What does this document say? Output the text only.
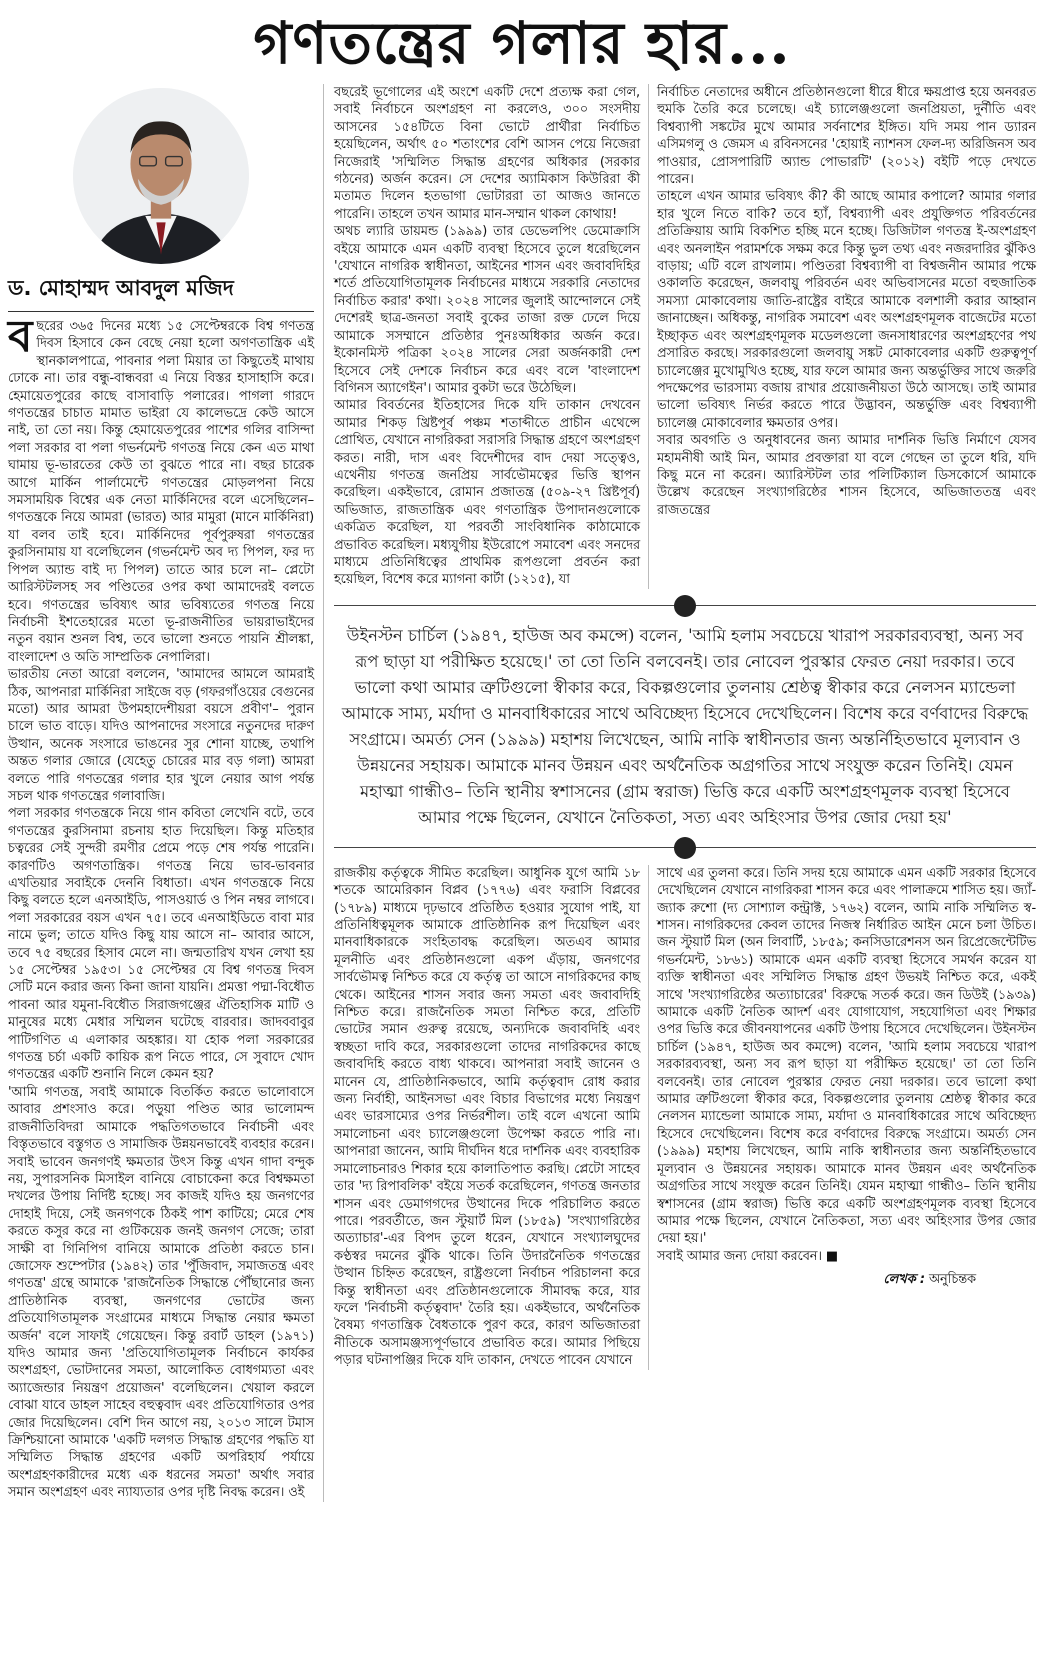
গণতন্ত্রের গলার হার...
ড. মোহাম্মদ আবদুল মজিদ
ব ছরের ৩৬৫ দিনের মধ্যে ১৫ সেপ্টেম্বরকে বিশ্ব গণতন্ত্র দিবস হিসাবে কেন বেছে নেয়া হলো অগণতান্ত্রিক এই স্থানকালপাত্রে, পাবনার পলা মিয়ার তা কিছুতেই মাথায় ঢোকে না। তার বন্ধু-বান্ধবরা এ নিয়ে বিস্তর হাসাহাসি করে। হেমায়েতপুরের কাছে বাসাবাড়ি পলারের। পাগলা গারদে গণতন্ত্রের চাচাত মামাত ভাইরা যে কালেভদ্রে কেউ আসে নাই, তা তো নয়। কিন্তু হেমায়েতপুরের পাশের গলির বাসিন্দা পলা সরকার বা পলা গভর্নমেন্ট গণতন্ত্র নিয়ে কেন এত মাথা ঘামায় ভূ-ভারতের কেউ তা বুঝতে পারে না। বছর চারেক আগে মার্কিন পার্লামেন্টে গণতন্ত্রের মোড়লপনা নিয়ে সমসাময়িক বিশ্বের এক নেতা মার্কিনিদের বলে এসেছিলেন– গণতন্ত্রকে নিয়ে আমরা (ভারত) আর মামুরা (মানে মার্কিনিরা) যা বলব তাই হবে। মার্কিনিদের পূর্বপুরুষরা গণতন্ত্রের কুরসিনামায় যা বলেছিলেন (গভর্নমেন্ট অব দ্য পিপল, ফর দ্য পিপল অ্যান্ড বাই দ্য পিপল) তাতে আর চলে না– প্লেটো আরিস্টটলসহ সব পণ্ডিতের ওপর কথা আমাদেরই বলতে হবে। গণতন্ত্রের ভবিষ্যৎ আর ভবিষ্যতের গণতন্ত্র নিয়ে নির্বাচনী ইশতেহারের মতো ভূ-রাজনীতির ভায়রাভাইদের নতুন বয়ান শুনল বিশ্ব, তবে ভালো শুনতে পায়নি শ্রীলঙ্কা, বাংলাদেশ ও অতি সাম্প্রতিক নেপালিরা।

ভারতীয় নেতা আরো বললেন, 'আমাদের আমলে আমরাই ঠিক, আপনারা মার্কিনিরা সাইজে বড় (গফরগাঁওয়ের বেগুনের মতো) আর আমরা উপমহাদেশীয়রা বয়সে প্রবীণ'– পুরান চালে ভাত বাড়ে। যদিও আপনাদের সংসারে নতুনদের দারুণ উত্থান, অনেক সংসারে ভাঙনের সুর শোনা যাচ্ছে, তথাপি অন্তত গলার জোরে (যেহেতু চোরের মার বড় গলা) আমরা বলতে পারি গণতন্ত্রের গলার হার খুলে নেয়ার আগ পর্যন্ত সচল থাক গণতন্ত্রের গলাবাজি।

পলা সরকার গণতন্ত্রকে নিয়ে গান কবিতা লেখেনি বটে, তবে গণতন্ত্রের কুরসিনামা রচনায় হাত দিয়েছিল। কিন্তু মতিহার চত্বরের সেই সুন্দরী রমণীর প্রেমে পড়ে শেষ পর্যন্ত পারেনি। কারণটিও অগণতান্ত্রিক। গণতন্ত্র নিয়ে ভাব-ভাবনার এখতিয়ার সবাইকে দেননি বিধাতা। এখন গণতন্ত্রকে নিয়ে কিছু বলতে হলে এনআইডি, পাসওয়ার্ড ও পিন নম্বর লাগবে। পলা সরকারের বয়স এখন ৭৫। তবে এনআইডিতে বাবা মার নামে ভুল; তাতে যদিও কিছু যায় আসে না– আবার আসে, তবে ৭৫ বছরের হিসাব মেলে না। জন্মতারিখ যখন লেখা হয় ১৫ সেপ্টেম্বর ১৯৫৩। ১৫ সেপ্টেম্বর যে বিশ্ব গণতন্ত্র দিবস সেটি মনে করার জন্য কিনা জানা যায়নি। প্রমত্তা পদ্মা-বিধৌত পাবনা আর যমুনা-বিধৌত সিরাজগঞ্জের ঐতিহাসিক মাটি ও মানুষের মধ্যে মেধার সম্মিলন ঘটেছে বারবার। জাদববাবুর পাটিগণিত এ এলাকার অহঙ্কার। যা হোক পলা সরকারের গণতন্ত্র চর্চা একটি কায়িক রূপ নিতে পারে, সে সুবাদে খোদ গণতন্ত্রের একটি শুনানি নিলে কেমন হয়?

'আমি গণতন্ত্র, সবাই আমাকে বিতর্কিত করতে ভালোবাসে আবার প্রশংসাও করে। পড়ুয়া পণ্ডিত আর ভালোমন্দ রাজনীতিবিদরা আমাকে পদ্ধতিগতভাবে নির্বাচনী এবং বিস্তৃতভাবে বস্তুগত ও সামাজিক উন্নয়নভাবেই ব্যবহার করেন। সবাই ভাবেন জনগণই ক্ষমতার উৎস কিন্তু এখন গাদা বন্দুক নয়, সুপারসনিক মিসাইল বানিয়ে বোচাকেনা করে বিশ্বক্ষমতা দখলের উপায় নির্দিষ্ট হচ্ছে। সব কাজই যদিও হয় জনগণের দোহাই দিয়ে, সেই জনগণকে ঠিকই পাশ কাটিয়ে; মেরে শেষ করতে কসুর করে না গুটিকয়েক জনই জনগণ সেজে; তারা সাক্ষী বা গিনিপিগ বানিয়ে আমাকে প্রতিষ্ঠা করতে চান। জোসেফ শুম্পেটার (১৯৪২) তার 'পুঁজিবাদ, সমাজতন্ত্র এবং গণতন্ত্র' গ্রন্থে আমাকে 'রাজনৈতিক সিদ্ধান্তে পৌঁছানোর জন্য প্রাতিষ্ঠানিক ব্যবস্থা, জনগণের ভোটের জন্য প্রতিযোগিতামূলক সংগ্রামের মাধ্যমে সিদ্ধান্ত নেয়ার ক্ষমতা অর্জন' বলে সাফাই গেয়েছেন। কিন্তু রবার্ট ডাহল (১৯৭১) যদিও আমার জন্য 'প্রতিযোগিতামূলক নির্বাচনে কার্যকর অংশগ্রহণ, ভোটদানের সমতা, আলোকিত বোধগম্যতা এবং অ্যাজেন্ডার নিয়ন্ত্রণ প্রয়োজন' বলেছিলেন। খেয়াল করলে বোঝা যাবে ডাহল সাহেব বহুত্ববাদ এবং প্রতিযোগিতার ওপর জোর দিয়েছিলেন। বেশি দিন আগে নয়, ২০১৩ সালে টমাস ক্রিশ্চিয়ানো আমাকে 'একটি দলগত সিদ্ধান্ত গ্রহণের পদ্ধতি যা সম্মিলিত সিদ্ধান্ত গ্রহণের একটি অপরিহার্য পর্যায়ে অংশগ্রহণকারীদের মধ্যে এক ধরনের সমতা' অর্থাৎ সবার সমান অংশগ্রহণ এবং ন্যায্যতার ওপর দৃষ্টি নিবদ্ধ করেন। ওই

বছরেই ভূগোলের এই অংশে একটি দেশে প্রত্যক্ষ করা গেল, সবাই নির্বাচনে অংশগ্রহণ না করলেও, ৩০০ সংসদীয় আসনের ১৫৪টিতে বিনা ভোটে প্রার্থীরা নির্বাচিত হয়েছিলেন, অর্থাৎ ৫০ শতাংশের বেশি আসন পেয়ে নিজেরা নিজেরাই 'সম্মিলিত সিদ্ধান্ত গ্রহণের অধিকার (সরকার গঠনের) অর্জন করেন। সে দেশের অ্যামিকাস কিউরিরা কী মতামত দিলেন হতভাগা ভোটাররা তা আজও জানতে পারেনি। তাহলে তখন আমার মান-সম্মান থাকল কোথায়!

অথচ ল্যারি ডায়মন্ড (১৯৯৯) তার ডেভেলপিং ডেমোক্রাসি বইয়ে আমাকে এমন একটি ব্যবস্থা হিসেবে তুলে ধরেছিলেন 'যেখানে নাগরিক স্বাধীনতা, আইনের শাসন এবং জবাবদিহির শর্তে প্রতিযোগিতামূলক নির্বাচনের মাধ্যমে সরকারি নেতাদের নির্বাচিত করার' কথা। ২০২৪ সালের জুলাই আন্দোলনে সেই দেশেরই ছাত্র-জনতা সবাই বুকের তাজা রক্ত ঢেলে দিয়ে আমাকে সসম্মানে প্রতিষ্ঠার পুনঃঅধিকার অর্জন করে। ইকোনমিস্ট পত্রিকা ২০২৪ সালের সেরা অর্জনকারী দেশ হিসেবে সেই দেশকে নির্বাচন করে এবং বলে 'বাংলাদেশ বিগিনস অ্যাগেইন'। আমার বুকটা ভরে উঠেছিল।

আমার বিবর্তনের ইতিহাসের দিকে যদি তাকান দেখবেন আমার শিকড় খ্রিষ্টপূর্ব পঞ্চম শতাব্দীতে প্রাচীন এথেন্সে প্রোথিত, যেখানে নাগরিকরা সরাসরি সিদ্ধান্ত গ্রহণে অংশগ্রহণ করত। নারী, দাস এবং বিদেশীদের বাদ দেয়া সত্ত্বেও, এথেনীয় গণতন্ত্র জনপ্রিয় সার্বভৌমত্বের ভিত্তি স্থাপন করেছিল। একইভাবে, রোমান প্রজাতন্ত্র (৫০৯-২৭ খ্রিষ্টপূর্ব) অভিজাত, রাজতান্ত্রিক এবং গণতান্ত্রিক উপাদানগুলোকে একত্রিত করেছিল, যা পরবর্তী সাংবিধানিক কাঠামোকে প্রভাবিত করেছিল। মধ্যযুগীয় ইউরোপে সমাবেশ এবং সনদের মাধ্যমে প্রতিনিধিত্বের প্রাথমিক রূপগুলো প্রবর্তন করা হয়েছিল, বিশেষ করে ম্যাগনা কার্টা (১২১৫), যা

নির্বাচিত নেতাদের অধীনে প্রতিষ্ঠানগুলো ধীরে ধীরে ক্ষয়প্রাপ্ত হয়ে অনবরত হুমকি তৈরি করে চলেছে। এই চ্যালেঞ্জগুলো জনপ্রিয়তা, দুর্নীতি এবং বিশ্বব্যাপী সঙ্কটের মুখে আমার সর্বনাশের ইঙ্গিত। যদি সময় পান ড্যারন এসিমগলু ও জেমস এ রবিনসনের 'হোয়াই ন্যাশনস ফেল-দ্য অরিজিনস অব পাওয়ার, প্রোসপারিটি অ্যান্ড পোভারটি' (২০১২) বইটি পড়ে দেখতে পারেন।

তাহলে এখন আমার ভবিষ্যৎ কী? কী আছে আমার কপালে? আমার গলার হার খুলে নিতে বাকি? তবে হ্যাঁ, বিশ্বব্যাপী এবং প্রযুক্তিগত পরিবর্তনের প্রতিক্রিয়ায় আমি বিকশিত হচ্ছি মনে হচ্ছে। ডিজিটাল গণতন্ত্র ই-অংশগ্রহণ এবং অনলাইন পরামর্শকে সক্ষম করে কিন্তু ভুল তথ্য এবং নজরদারির ঝুঁকিও বাড়ায়; এটি বলে রাখলাম। পণ্ডিতরা বিশ্বব্যাপী বা বিশ্বজনীন আমার পক্ষে ওকালতি করেছেন, জলবায়ু পরিবর্তন এবং অভিবাসনের মতো বহুজাতিক সমস্যা মোকাবেলায় জাতি-রাষ্ট্রের বাইরে আমাকে বলশালী করার আহ্বান জানাচ্ছেন। অধিকন্তু, নাগরিক সমাবেশ এবং অংশগ্রহণমূলক বাজেটের মতো ইচ্ছাকৃত এবং অংশগ্রহণমূলক মডেলগুলো জনসাধারণের অংশগ্রহণের পথ প্রসারিত করছে। সরকারগুলো জলবায়ু সঙ্কট মোকাবেলার একটি গুরুত্বপূর্ণ চ্যালেঞ্জের মুখোমুখিও হচ্ছে, যার ফলে আমার জন্য অন্তর্ভুক্তির সাথে জরুরি পদক্ষেপের ভারসাম্য বজায় রাখার প্রয়োজনীয়তা উঠে আসছে। তাই আমার ভালো ভবিষ্যৎ নির্ভর করতে পারে উদ্ভাবন, অন্তর্ভুক্তি এবং বিশ্বব্যাপী চ্যালেঞ্জ মোকাবেলার ক্ষমতার ওপর।

সবার অবগতি ও অনুধাবনের জন্য আমার দার্শনিক ভিত্তি নির্মাণে যেসব মহামনীষী আই মিন, আমার প্রবক্তারা যা বলে গেছেন তা তুলে ধরি, যদি কিছু মনে না করেন। অ্যারিস্টটল তার পলিটিক্যাল ডিসকোর্সে আমাকে উল্লেখ করেছেন সংখ্যাগরিষ্ঠের শাসন হিসেবে, অভিজাততন্ত্র এবং রাজতন্ত্রের

উইনস্টন চার্চিল (১৯৪৭, হাউজ অব কমন্সে) বলেন, 'আমি হলাম সবচেয়ে খারাপ সরকারব্যবস্থা, অন্য সব রূপ ছাড়া যা পরীক্ষিত হয়েছে।' তা তো তিনি বলবেনই। তার নোবেল পুরস্কার ফেরত নেয়া দরকার। তবে ভালো কথা আমার ত্রুটিগুলো স্বীকার করে, বিকল্পগুলোর তুলনায় শ্রেষ্ঠত্ব স্বীকার করে নেলসন ম্যান্ডেলা আমাকে সাম্য, মর্যাদা ও মানবাধিকারের সাথে অবিচ্ছেদ্য হিসেবে দেখেছিলেন। বিশেষ করে বর্ণবাদের বিরুদ্ধে সংগ্রামে। অমর্ত্য সেন (১৯৯৯) মহাশয় লিখেছেন, আমি নাকি স্বাধীনতার জন্য অন্তর্নিহিতভাবে মূল্যবান ও উন্নয়নের সহায়ক। আমাকে মানব উন্নয়ন এবং অর্থনৈতিক অগ্রগতির সাথে সংযুক্ত করেন তিনিই। যেমন মহাত্মা গান্ধীও– তিনি স্থানীয় স্বশাসনের (গ্রাম স্বরাজ) ভিত্তি করে একটি অংশগ্রহণমূলক ব্যবস্থা হিসেবে আমার পক্ষে ছিলেন, যেখানে নৈতিকতা, সত্য এবং অহিংসার উপর জোর দেয়া হয়'

রাজকীয় কর্তৃত্বকে সীমিত করেছিল। আধুনিক যুগে আমি ১৮ শতকে আমেরিকান বিপ্লব (১৭৭৬) এবং ফরাসি বিপ্লবের (১৭৮৯) মাধ্যমে দৃঢ়ভাবে প্রতিষ্ঠিত হওয়ার সুযোগ পাই, যা প্রতিনিধিত্বমূলক আমাকে প্রাতিষ্ঠানিক রূপ দিয়েছিল এবং মানবাধিকারকে সংহিতাবদ্ধ করেছিল। অতএব আমার মূলনীতি এবং প্রতিষ্ঠানগুলো একপ এঁড়ায়, জনগণের সার্বভৌমত্ব নিশ্চিত করে যে কর্তৃত্ব তা আসে নাগরিকদের কাছ থেকে। আইনের শাসন সবার জন্য সমতা এবং জবাবদিহি নিশ্চিত করে। রাজনৈতিক সমতা নিশ্চিত করে, প্রতিটি ভোটের সমান গুরুত্ব রয়েছে, অন্যদিকে জবাবদিহি এবং স্বচ্ছতা দাবি করে, সরকারগুলো তাদের নাগরিকদের কাছে জবাবদিহি করতে বাধ্য থাকবে। আপনারা সবাই জানেন ও মানেন যে, প্রাতিষ্ঠানিকভাবে, আমি কর্তৃত্ববাদ রোধ করার জন্য নির্বাহী, আইনসভা এবং বিচার বিভাগের মধ্যে নিয়ন্ত্রণ এবং ভারসাম্যের ওপর নির্ভরশীল। তাই বলে এখনো আমি সমালোচনা এবং চ্যালেঞ্জগুলো উপেক্ষা করতে পারি না। আপনারা জানেন, আমি দীর্ঘদিন ধরে দার্শনিক এবং ব্যবহারিক সমালোচনারও শিকার হয়ে কালাতিপাত করছি। প্লেটো সাহেব তার 'দ্য রিপাবলিক' বইয়ে সতর্ক করেছিলেন, গণতন্ত্র জনতার শাসন এবং ডেমাগগদের উত্থানের দিকে পরিচালিত করতে পারে। পরবর্তীতে, জন স্টুয়ার্ট মিল (১৮৫৯) 'সংখ্যাগরিষ্ঠের অত্যাচার'-এর বিপদ তুলে ধরেন, যেখানে সংখ্যালঘুদের কণ্ঠস্বর দমনের ঝুঁকি থাকে। তিনি উদারনৈতিক গণতন্ত্রের উত্থান চিহ্নিত করেছেন, রাষ্ট্রগুলো নির্বাচন পরিচালনা করে কিন্তু স্বাধীনতা এবং প্রতিষ্ঠানগুলোকে সীমাবদ্ধ করে, যার ফলে 'নির্বাচনী কর্তৃত্ববাদ' তৈরি হয়। একইভাবে, অর্থনৈতিক বৈষম্য গণতান্ত্রিক বৈধতাকে পুরণ করে, কারণ অভিজাতরা নীতিকে অসামঞ্জস্যপূর্ণভাবে প্রভাবিত করে। আমার পিছিয়ে পড়ার ঘটনাপঞ্জির দিকে যদি তাকান, দেখতে পাবেন যেখানে

সাথে এর তুলনা করে। তিনি সদয় হয়ে আমাকে এমন একটি সরকার হিসেবে দেখেছিলেন যেখানে নাগরিকরা শাসন করে এবং পালাক্রমে শাসিত হয়। জ্যাঁ-জ্যাক রুশো (দ্য সোশ্যাল কন্ট্রাক্ট, ১৭৬২) বলেন, আমি নাকি সম্মিলিত স্ব-শাসন। নাগরিকদের কেবল তাদের নিজস্ব নির্ধারিত আইন মেনে চলা উচিত। জন স্টুয়ার্ট মিল (অন লিবার্টি, ১৮৫৯; কনসিডারেশনস অন রিপ্রেজেন্টেটিভ গভর্নমেন্ট, ১৮৬১) আমাকে এমন একটি ব্যবস্থা হিসেবে সমর্থন করেন যা ব্যক্তি স্বাধীনতা এবং সম্মিলিত সিদ্ধান্ত গ্রহণ উভয়ই নিশ্চিত করে, একই সাথে 'সংখ্যাগরিষ্ঠের অত্যাচারের' বিরুদ্ধে সতর্ক করে। জন ডিউই (১৯৩৯) আমাকে একটি নৈতিক আদর্শ এবং যোগাযোগ, সহযোগিতা এবং শিক্ষার ওপর ভিত্তি করে জীবনযাপনের একটি উপায় হিসেবে দেখেছিলেন। উইনস্টন চার্চিল (১৯৪৭, হাউজ অব কমন্সে) বলেন, 'আমি হলাম সবচেয়ে খারাপ সরকারব্যবস্থা, অন্য সব রূপ ছাড়া যা পরীক্ষিত হয়েছে।' তা তো তিনি বলবেনই। তার নোবেল পুরস্কার ফেরত নেয়া দরকার। তবে ভালো কথা আমার ত্রুটিগুলো স্বীকার করে, বিকল্পগুলোর তুলনায় শ্রেষ্ঠত্ব স্বীকার করে নেলসন ম্যান্ডেলা আমাকে সাম্য, মর্যাদা ও মানবাধিকারের সাথে অবিচ্ছেদ্য হিসেবে দেখেছিলেন। বিশেষ করে বর্ণবাদের বিরুদ্ধে সংগ্রামে। অমর্ত্য সেন (১৯৯৯) মহাশয় লিখেছেন, আমি নাকি স্বাধীনতার জন্য অন্তর্নিহিতভাবে মূল্যবান ও উন্নয়নের সহায়ক। আমাকে মানব উন্নয়ন এবং অর্থনৈতিক অগ্রগতির সাথে সংযুক্ত করেন তিনিই। যেমন মহাত্মা গান্ধীও– তিনি স্থানীয় স্বশাসনের (গ্রাম স্বরাজ) ভিত্তি করে একটি অংশগ্রহণমূলক ব্যবস্থা হিসেবে আমার পক্ষে ছিলেন, যেখানে নৈতিকতা, সত্য এবং অহিংসার উপর জোর দেয়া হয়।'

সবাই আমার জন্য দোয়া করবেন। ■

লেখক : অনুচিন্তক
